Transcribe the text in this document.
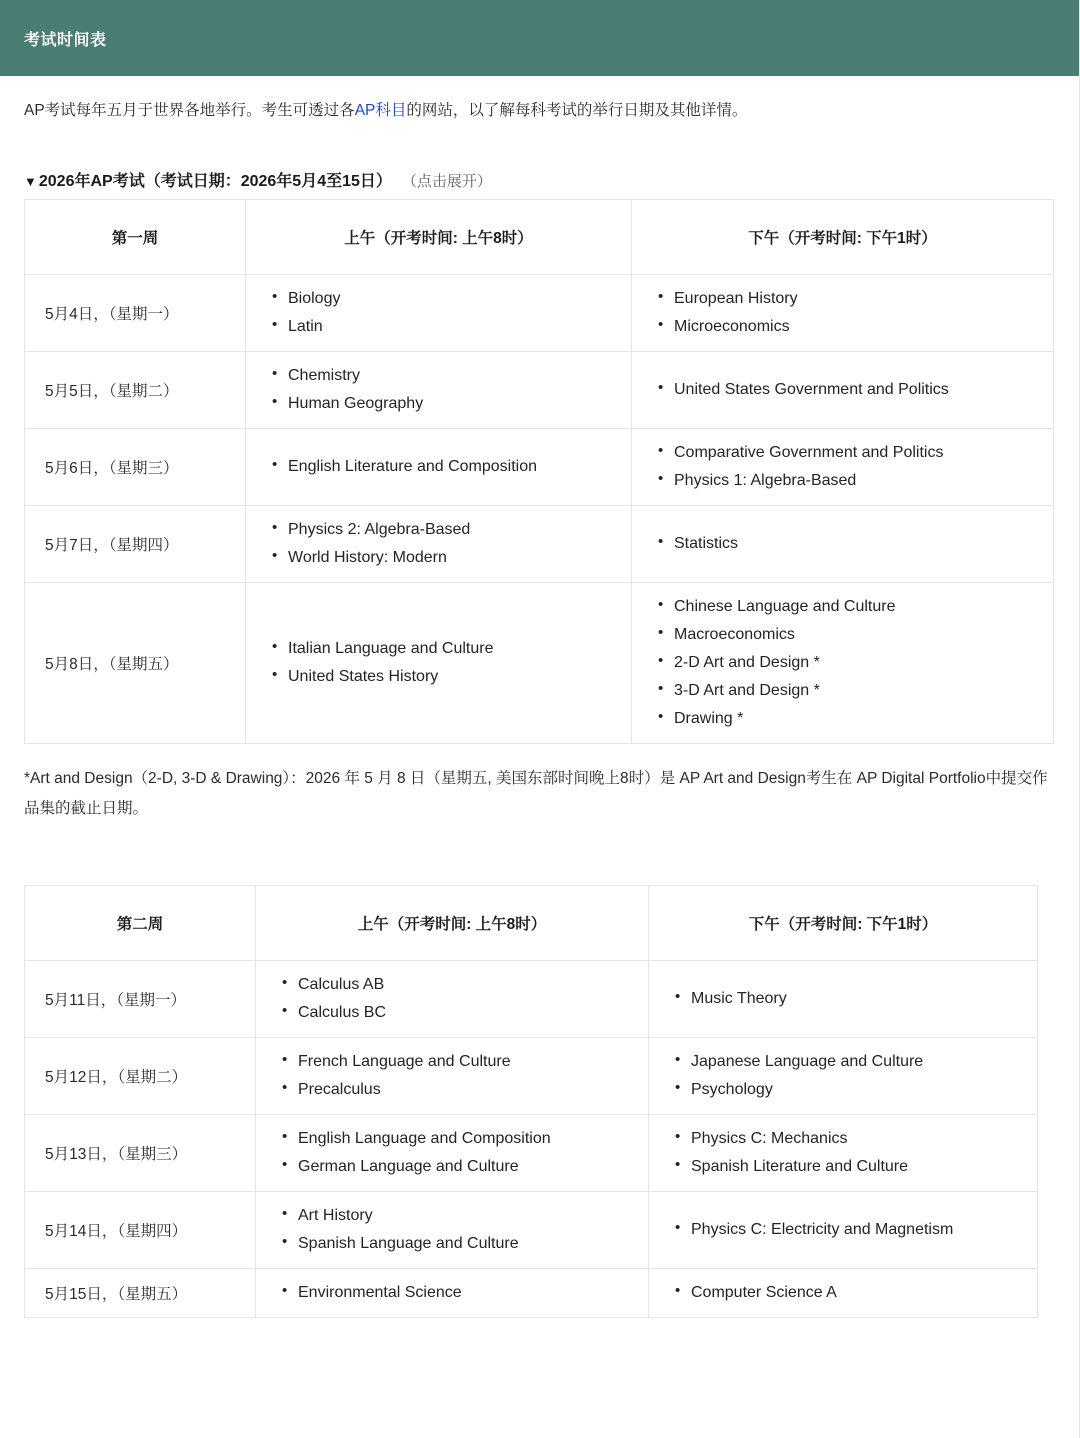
考试时间表

AP考试每年五月于世界各地举行。考生可透过各AP科目的网站，以了解每科考试的举行日期及其他详情。

▼ 2026年AP考试（考试日期：2026年5月4至15日） （点击展开）
第一周	上午（开考时间: 上午8时）	下午（开考时间: 下午1时）
5月4日，（星期一）	
• Biology
• Latin

• European History
• Microeconomics

5月5日，（星期二）	
• Chemistry
• Human Geography

• United States Government and Politics

5月6日，（星期三）	
•English Literature and Composition

• Comparative Government and Politics
• Physics 1: Algebra-Based

5月7日，（星期四）	
• Physics 2: Algebra-Based
• World History: Modern

• Statistics

5月8日，（星期五）	
• Italian Language and Culture
• United States History

• Chinese Language and Culture
• Macroeconomics
• 2-D Art and Design *
• 3-D Art and Design *
• Drawing *

*Art and Design（2-D, 3-D & Drawing）：2026 年 5 月 8 日（星期五, 美国东部时间晚上8时）是 AP Art and Design考生在 AP Digital Portfolio中提交作品集的截止日期。

第二周	上午（开考时间: 上午8时）	下午（开考时间: 下午1时）
5月11日，（星期一）	
• Calculus AB
• Calculus BC

• Music Theory

5月12日，（星期二）	
• French Language and Culture
• Precalculus

• Japanese Language and Culture
• Psychology

5月13日，（星期三）	
• English Language and Composition
• German Language and Culture

• Physics C: Mechanics
• Spanish Literature and Culture

5月14日，（星期四）	
• Art History
• Spanish Language and Culture

• Physics C: Electricity and Magnetism

5月15日，（星期五）	
•Environmental Science

•Computer Science A
